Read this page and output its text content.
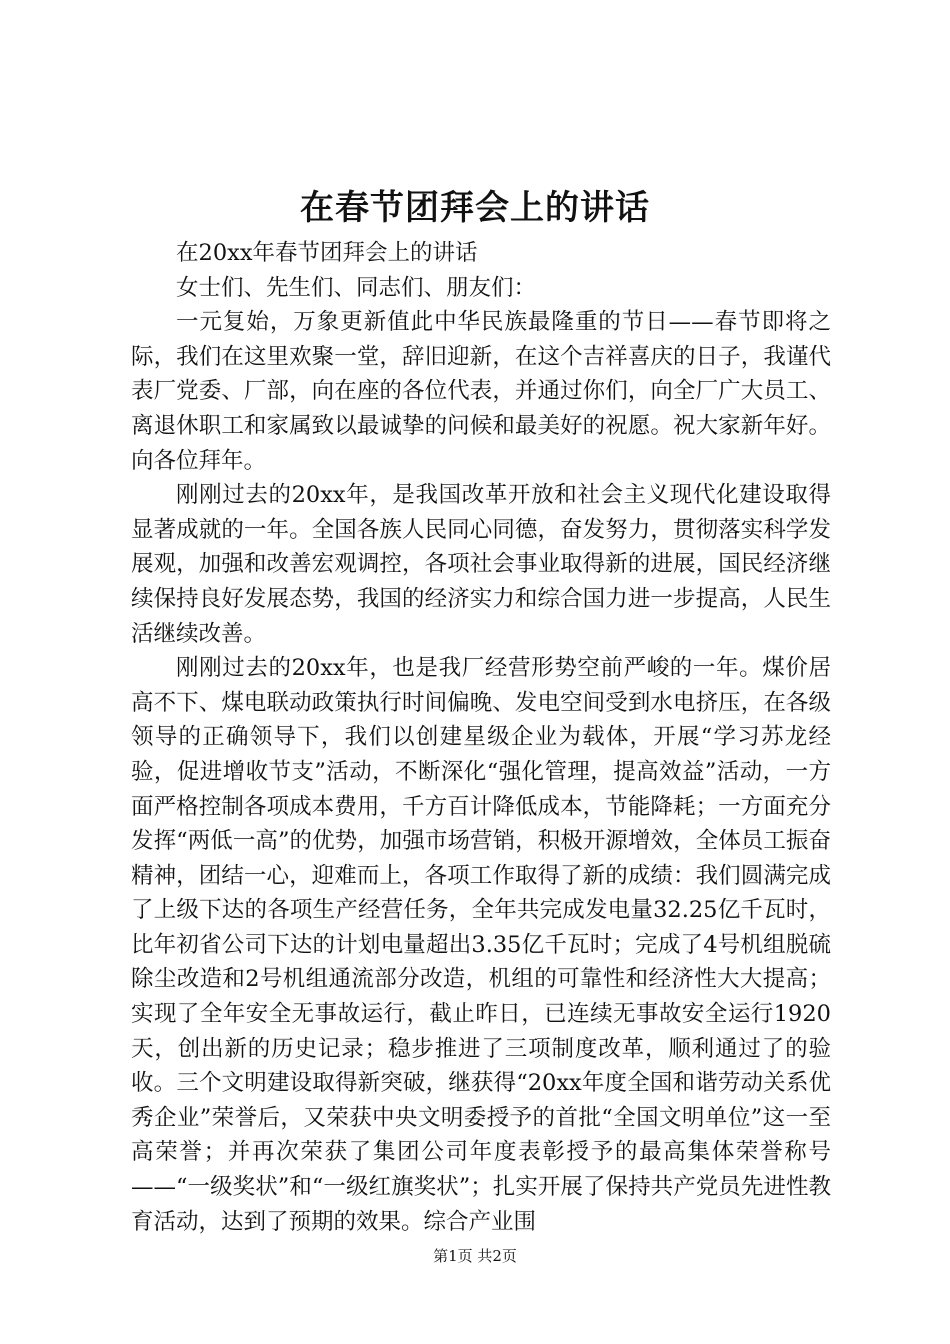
在春节团拜会上的讲话

在20xx年春节团拜会上的讲话

女士们、先生们、同志们、朋友们：

一元复始，万象更新值此中华民族最隆重的节日——春节即将之际，我们在这里欢聚一堂，辞旧迎新，在这个吉祥喜庆的日子，我谨代表厂党委、厂部，向在座的各位代表，并通过你们，向全厂广大员工、离退休职工和家属致以最诚挚的问候和最美好的祝愿。祝大家新年好。向各位拜年。

刚刚过去的20xx年，是我国改革开放和社会主义现代化建设取得显著成就的一年。全国各族人民同心同德，奋发努力，贯彻落实科学发展观，加强和改善宏观调控，各项社会事业取得新的进展，国民经济继续保持良好发展态势，我国的经济实力和综合国力进一步提高，人民生活继续改善。

刚刚过去的20xx年，也是我厂经营形势空前严峻的一年。煤价居高不下、煤电联动政策执行时间偏晚、发电空间受到水电挤压，在各级领导的正确领导下，我们以创建星级企业为载体，开展“学习苏龙经验，促进增收节支”活动，不断深化“强化管理，提高效益”活动，一方面严格控制各项成本费用，千方百计降低成本，节能降耗；一方面充分发挥“两低一高”的优势，加强市场营销，积极开源增效，全体员工振奋精神，团结一心，迎难而上，各项工作取得了新的成绩：我们圆满完成了上级下达的各项生产经营任务，全年共完成发电量32.25亿千瓦时，比年初省公司下达的计划电量超出3.35亿千瓦时；完成了4号机组脱硫除尘改造和2号机组通流部分改造，机组的可靠性和经济性大大提高；实现了全年安全无事故运行，截止昨日，已连续无事故安全运行1920天，创出新的历史记录；稳步推进了三项制度改革，顺利通过了的验收。三个文明建设取得新突破，继获得“20xx年度全国和谐劳动关系优秀企业”荣誉后，又荣获中央文明委授予的首批“全国文明单位”这一至高荣誉；并再次荣获了集团公司年度表彰授予的最高集体荣誉称号——“一级奖状”和“一级红旗奖状”；扎实开展了保持共产党员先进性教育活动，达到了预期的效果。综合产业围

第1页 共2页
